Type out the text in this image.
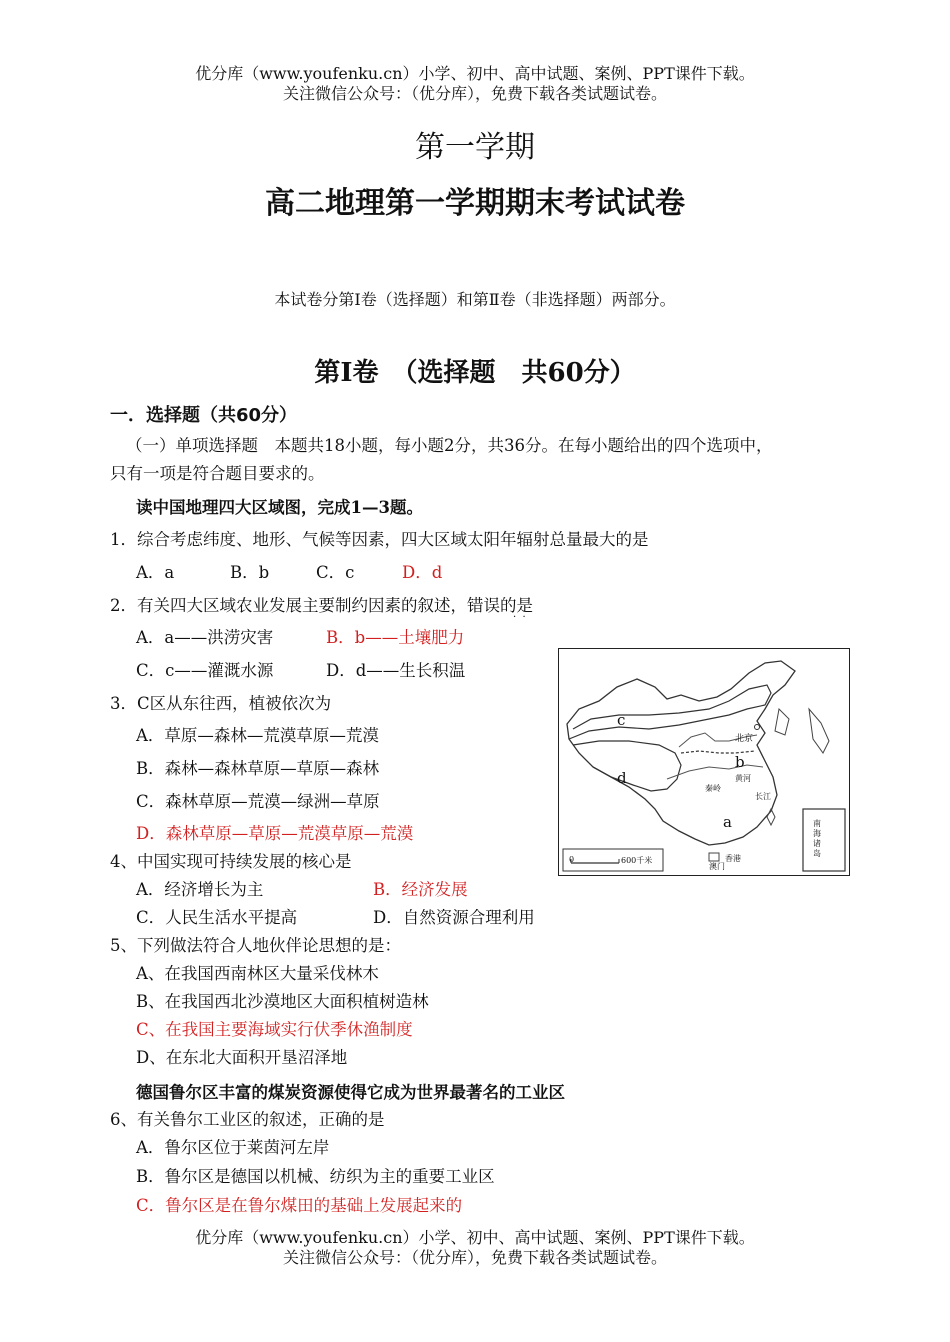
优分库（www.youfenku.cn）小学、初中、高中试题、案例、PPT课件下载。
关注微信公众号：（优分库），免费下载各类试题试卷。
第一学期
高二地理第一学期期末考试试卷
本试卷分第Ⅰ卷（选择题）和第Ⅱ卷（非选择题）两部分。
第Ⅰ卷　（选择题　共60分）
一．选择题（共60分）
（一）单项选择题　本题共18小题，每小题2分，共36分。在每小题给出的四个选项中，
只有一项是符合题目要求的。
读中国地理四大区域图，完成1—3题。
1．综合考虑纬度、地形、气候等因素，四大区域太阳年辐射总量最大的是
A．a	B．b	C．c	D．d
2．有关四大区域农业发展主要制约因素的叙述，错误的是
·  ·
A．a——洪涝灾害	B．b——土壤肥力
C．c——灌溉水源	D．d——生长积温
3．C区从东往西，植被依次为
A．草原—森林—荒漠草原—荒漠
B．森林—森林草原—草原—森林
C．森林草原—荒漠—绿洲—草原
D．森林草原—草原—荒漠草原—荒漠
4、中国实现可持续发展的核心是
A．经济增长为主	B．经济发展
C．人民生活水平提高	D．自然资源合理利用
5、下列做法符合人地伙伴论思想的是：
A、在我国西南林区大量采伐林木
B、在我国西北沙漠地区大面积植树造林
C、在我国主要海域实行伏季休渔制度
D、在东北大面积开垦沼泽地
德国鲁尔区丰富的煤炭资源使得它成为世界最著名的工业区
6、有关鲁尔工业区的叙述，正确的是
A．鲁尔区位于莱茵河左岸
B．鲁尔区是德国以机械、纺织为主的重要工业区
C．鲁尔区是在鲁尔煤田的基础上发展起来的
优分库（www.youfenku.cn）小学、初中、高中试题、案例、PPT课件下载。
关注微信公众号：（优分库），免费下载各类试题试卷。
c
d
b
a
北京
黄河
秦岭
长江
香港
澳门
南海诸岛
0	600千米
